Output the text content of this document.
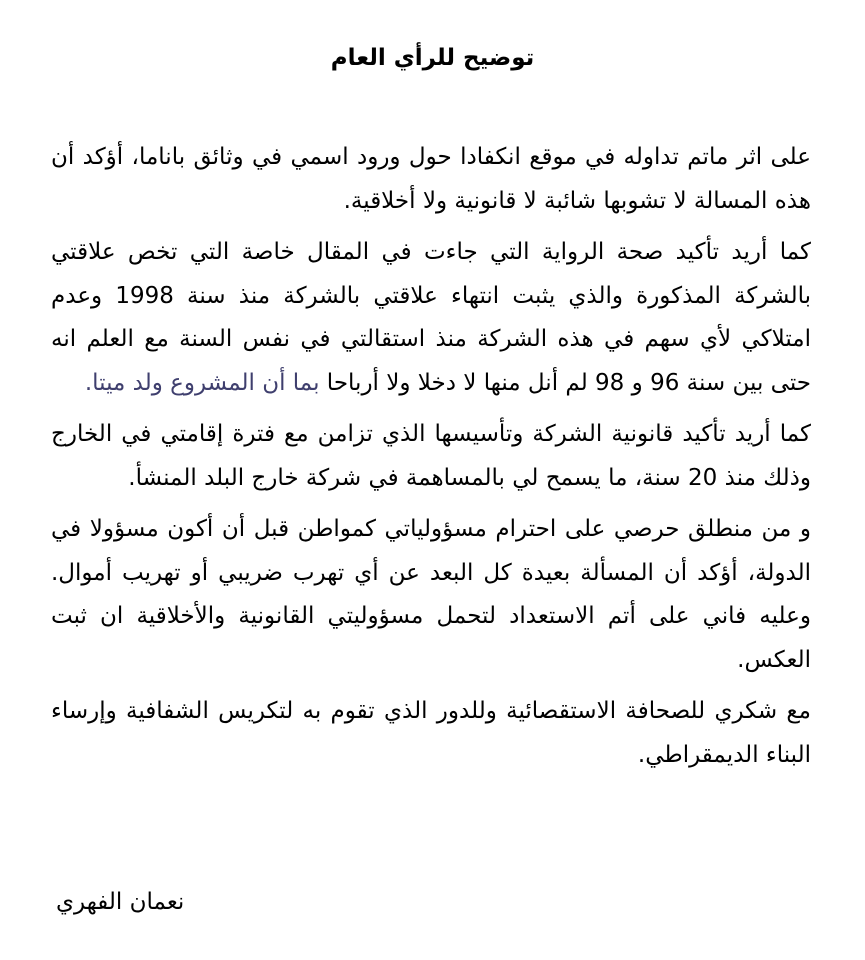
توضيح للرأي العام

على اثر ماتم تداوله في موقع انكفادا حول ورود اسمي في وثائق باناما، أؤكد أن هذه المسالة لا تشوبها شائبة لا قانونية ولا أخلاقية.

كما أريد تأكيد صحة الرواية التي جاءت في المقال خاصة التي تخص علاقتي بالشركة المذكورة والذي يثبت انتهاء علاقتي بالشركة منذ سنة 1998 وعدم امتلاكي لأي سهم في هذه الشركة منذ استقالتي في نفس السنة مع العلم انه حتى بين سنة 96 و 98 لم أنل منها لا دخلا ولا أرباحا بما أن المشروع ولد ميتا.

كما أريد تأكيد قانونية الشركة وتأسيسها الذي تزامن مع فترة إقامتي في الخارج وذلك منذ 20 سنة، ما يسمح لي بالمساهمة في شركة خارج البلد المنشأ.

و من منطلق حرصي على احترام مسؤولياتي كمواطن قبل أن أكون مسؤولا في الدولة، أؤكد أن المسألة بعيدة كل البعد عن أي تهرب ضريبي أو تهريب أموال. وعليه فاني على أتم الاستعداد لتحمل مسؤوليتي القانونية والأخلاقية ان ثبت العكس.

مع شكري للصحافة الاستقصائية وللدور الذي تقوم به لتكريس الشفافية وإرساء البناء الديمقراطي.

نعمان الفهري
